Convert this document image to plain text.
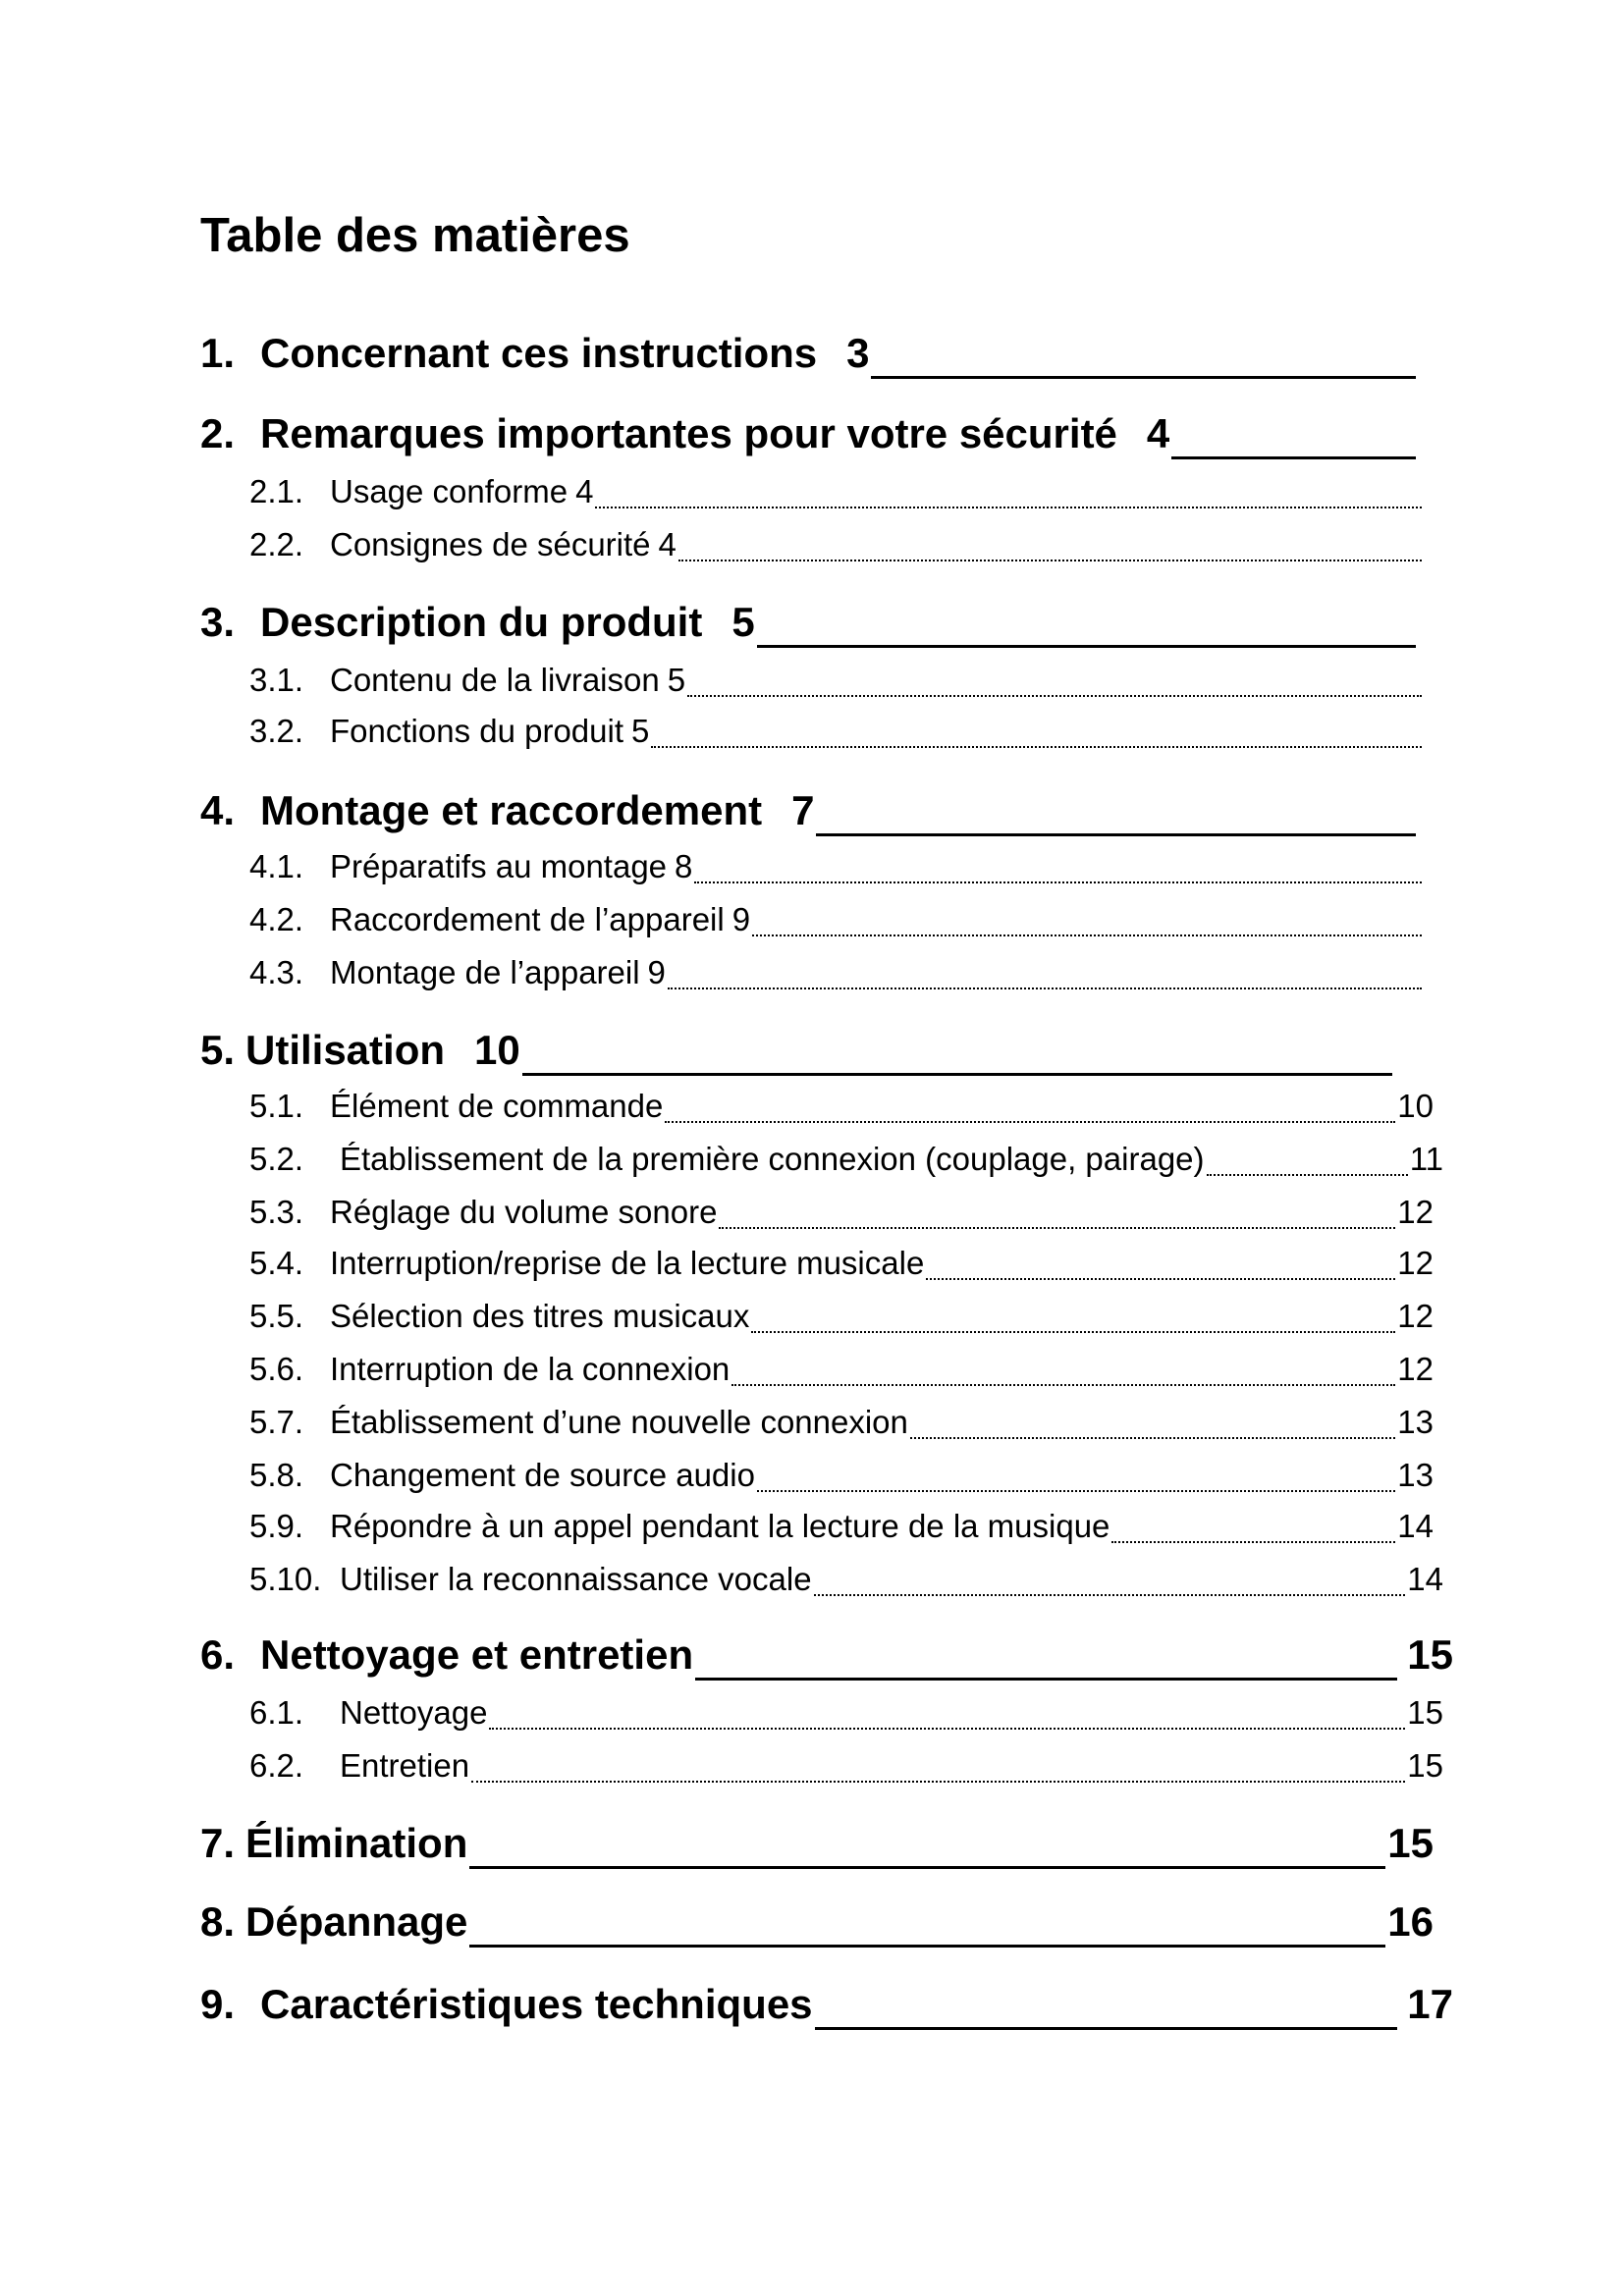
Table des matières
1. Concernant ces instructions 3
2. Remarques importantes pour votre sécurité 4
2.1. Usage conforme 4
2.2. Consignes de sécurité 4
3. Description du produit 5
3.1. Contenu de la livraison 5
3.2. Fonctions du produit 5
4. Montage et raccordement 7
4.1. Préparatifs au montage 8
4.2. Raccordement de l’appareil 9
4.3. Montage de l’appareil 9
5. Utilisation 10
5.1. Élément de commande	10
5.2.	Établissement de la première connexion (couplage, pairage)	11
5.3. Réglage du volume sonore	12
5.4. Interruption/reprise de la lecture musicale	12
5.5. Sélection des titres musicaux	12
5.6. Interruption de la connexion	12
5.7. Établissement d’une nouvelle connexion	13
5.8. Changement de source audio	13
5.9. Répondre à un appel pendant la lecture de la musique	14
5.10. Utiliser la reconnaissance vocale	14
6. Nettoyage et entretien	15
6.1.	Nettoyage	15
6.2.	Entretien	15
7. Élimination	15
8. Dépannage	16
9. Caractéristiques techniques	17
